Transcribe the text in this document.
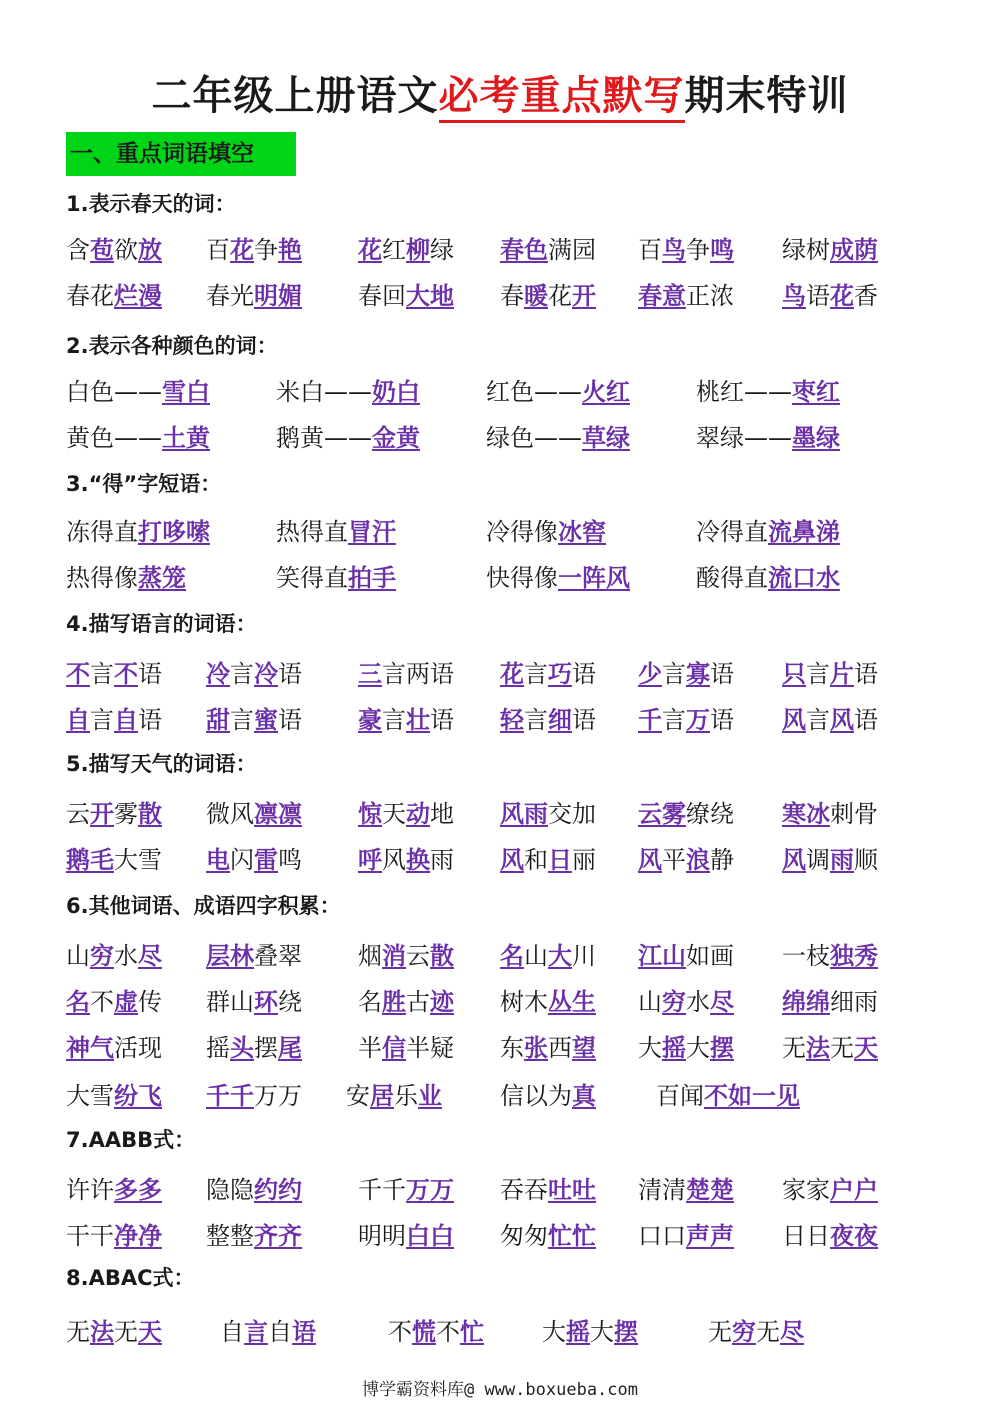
二年级上册语文必考重点默写期末特训
一、重点词语填空
1.表示春天的词：
含苞欲放 百花争艳 花红柳绿 春色满园 百鸟争鸣 绿树成荫
春花烂漫 春光明媚 春回大地 春暖花开 春意正浓 鸟语花香
2.表示各种颜色的词：
白色——雪白	米白——奶白	红色——火红	桃红——枣红
黄色——土黄	鹅黄——金黄	绿色——草绿	翠绿——墨绿
3.“得”字短语：
冻得直打哆嗦	热得直冒汗	冷得像冰窖	冷得直流鼻涕
热得像蒸笼	笑得直拍手	快得像一阵风	酸得直流口水
4.描写语言的词语：
不言不语 冷言冷语 三言两语 花言巧语 少言寡语 只言片语
自言自语 甜言蜜语 豪言壮语 轻言细语 千言万语 风言风语
5.描写天气的词语：
云开雾散 微风凛凛 惊天动地 风雨交加 云雾缭绕 寒冰刺骨
鹅毛大雪 电闪雷鸣 呼风换雨 风和日丽 风平浪静 风调雨顺
6.其他词语、成语四字积累：
山穷水尽 层林叠翠 烟消云散 名山大川 江山如画 一枝独秀
名不虚传 群山环绕 名胜古迹 树木丛生 山穷水尽 绵绵细雨
神气活现 摇头摆尾 半信半疑 东张西望 大摇大摆 无法无天
大雪纷飞 千千万万 安居乐业 信以为真	百闻不如一见
7.AABB式：
许许多多 隐隐约约 千千万万 吞吞吐吐 清清楚楚 家家户户
干干净净 整整齐齐 明明白白 匆匆忙忙 口口声声 日日夜夜
8.ABAC式：
无法无天 自言自语	不慌不忙 大摇大摆	无穷无尽
博学霸资料库@ www.boxueba.com
